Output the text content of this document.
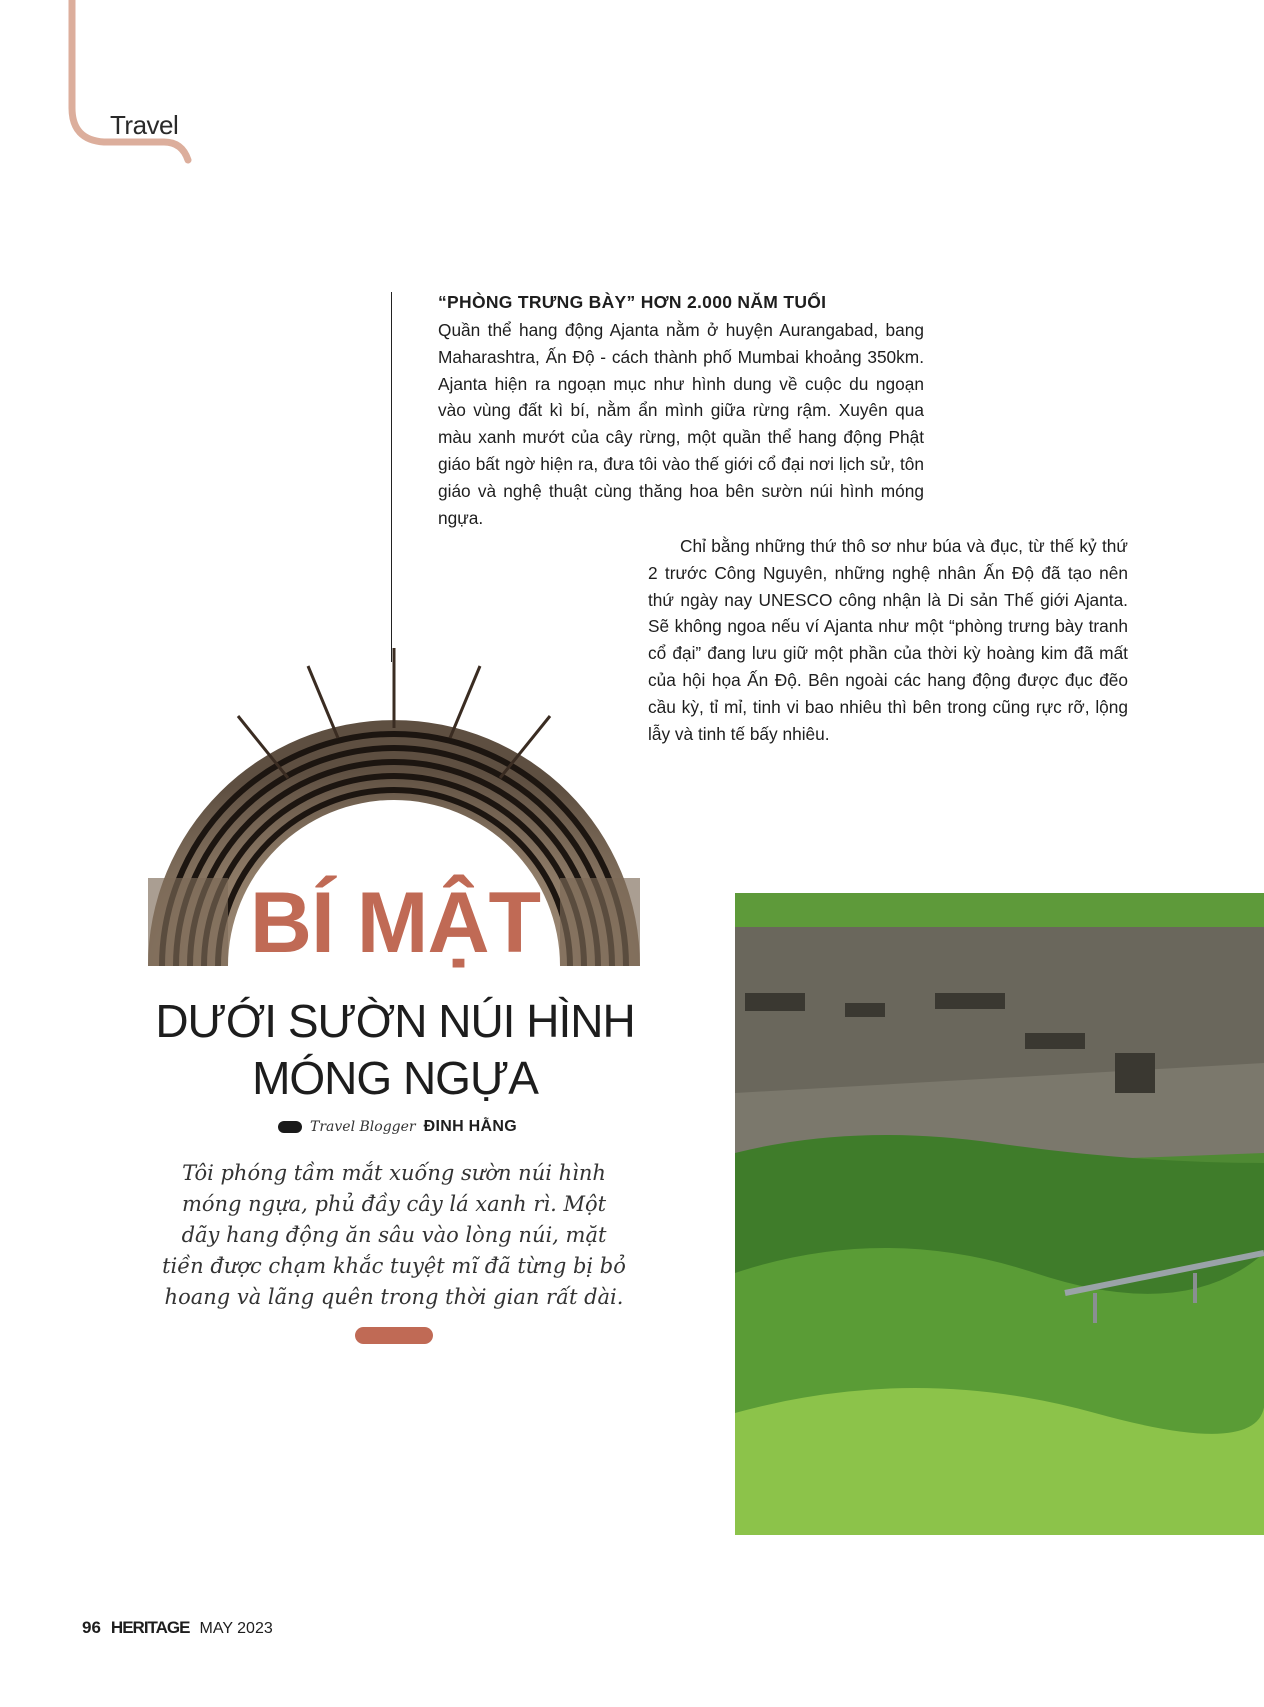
Travel
“PHÒNG TRƯNG BÀY” HƠN 2.000 NĂM TUỔI

Quần thể hang động Ajanta nằm ở huyện Aurangabad, bang Maharashtra, Ấn Độ - cách thành phố Mumbai khoảng 350km. Ajanta hiện ra ngoạn mục như hình dung về cuộc du ngoạn vào vùng đất kì bí, nằm ẩn mình giữa rừng rậm. Xuyên qua màu xanh mướt của cây rừng, một quần thể hang động Phật giáo bất ngờ hiện ra, đưa tôi vào thế giới cổ đại nơi lịch sử, tôn giáo và nghệ thuật cùng thăng hoa bên sườn núi hình móng ngựa.

Chỉ bằng những thứ thô sơ như búa và đục, từ thế kỷ thứ 2 trước Công Nguyên, những nghệ nhân Ấn Độ đã tạo nên thứ ngày nay UNESCO công nhận là Di sản Thế giới Ajanta. Sẽ không ngoa nếu ví Ajanta như một “phòng trưng bày tranh cổ đại” đang lưu giữ một phần của thời kỳ hoàng kim đã mất của hội họa Ấn Độ. Bên ngoài các hang động được đục đẽo cầu kỳ, tỉ mỉ, tinh vi bao nhiêu thì bên trong cũng rực rỡ, lộng lẫy và tinh tế bấy nhiêu.

BÍ MẬT
DƯỚI SƯỜN NÚI HÌNH
MÓNG NGỰA
Travel Blogger ĐINH HẰNG
Tôi phóng tầm mắt xuống sườn núi hình móng ngựa, phủ đầy cây lá xanh rì. Một dãy hang động ăn sâu vào lòng núi, mặt tiền được chạm khắc tuyệt mĩ đã từng bị bỏ hoang và lãng quên trong thời gian rất dài.
96 HERITAGE MAY 2023
